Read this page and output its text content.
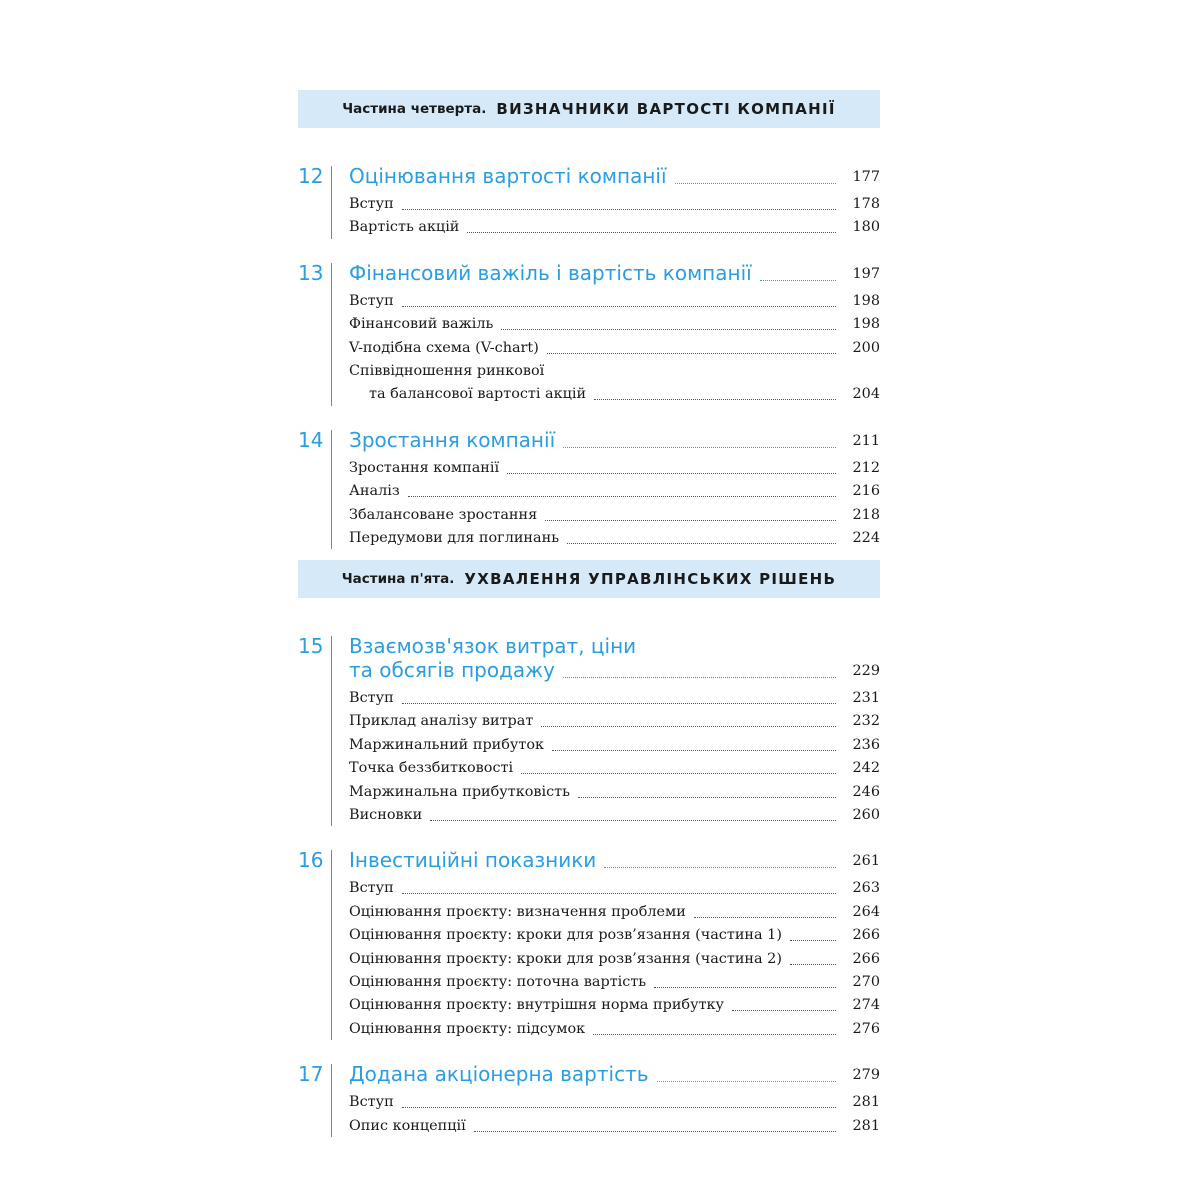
Частина четверта. ВИЗНАЧНИКИ ВАРТОСТІ КОМПАНІЇ
12 Оцінювання вартості компанії	177
Вступ	178
Вартість акцій	180
13 Фінансовий важіль і вартість компанії	197
Вступ	198
Фінансовий важіль	198
V-подібна схема (V-chart)	200
Співвідношення ринкової
та балансової вартості акцій	204
14 Зростання компанії	211
Зростання компанії	212
Аналіз	216
Збалансоване зростання	218
Передумови для поглинань	224
Частина п'ята. УХВАЛЕННЯ УПРАВЛІНСЬКИХ РІШЕНЬ
15 Взаємозв'язок витрат, ціни
та обсягів продажу	229
Вступ	231
Приклад аналізу витрат	232
Маржинальний прибуток	236
Точка беззбитковості	242
Маржинальна прибутковість	246
Висновки	260
16 Інвестиційні показники	261
Вступ	263
Оцінювання проєкту: визначення проблеми	264
Оцінювання проєкту: кроки для розв’язання (частина 1)	266
Оцінювання проєкту: кроки для розв’язання (частина 2)	266
Оцінювання проєкту: поточна вартість	270
Оцінювання проєкту: внутрішня норма прибутку	274
Оцінювання проєкту: підсумок	276
17 Додана акціонерна вартість	279
Вступ	281
Опис концепції	281
